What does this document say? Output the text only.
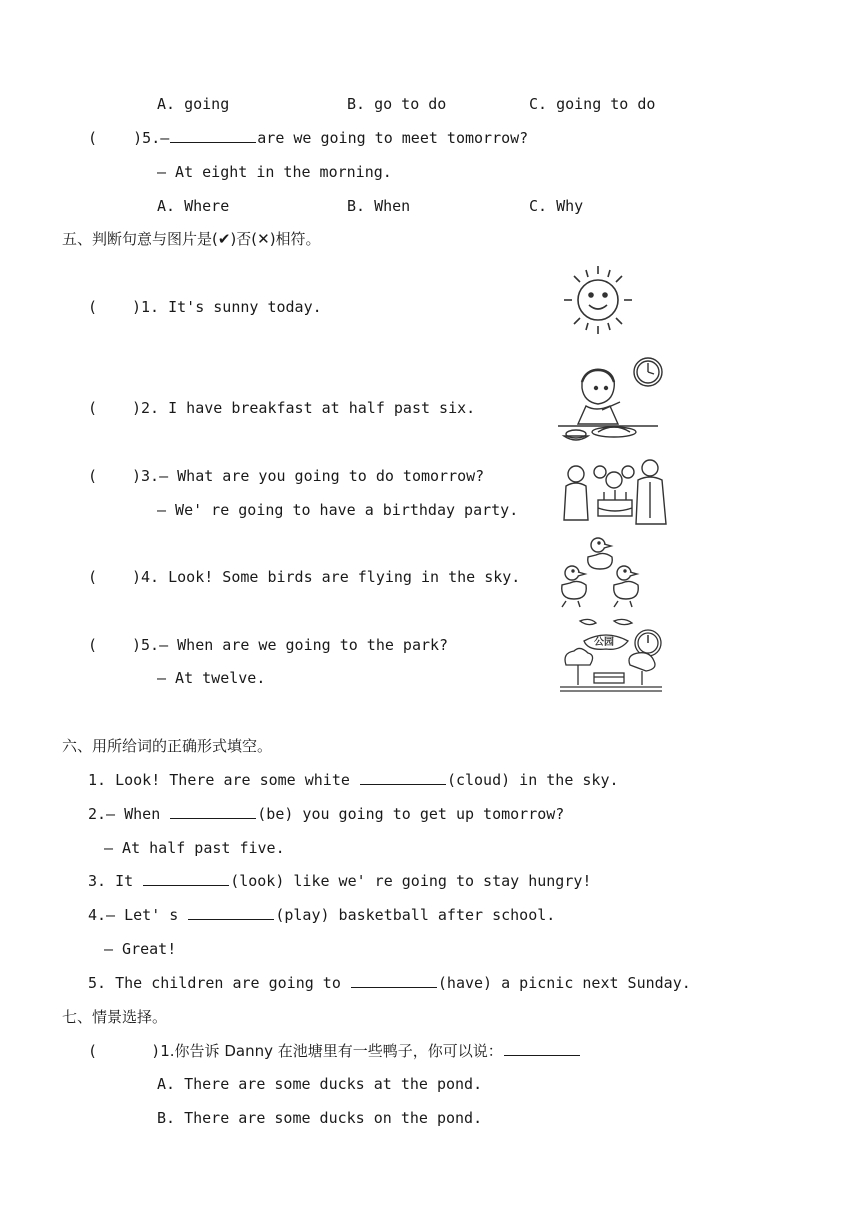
A. going	B. go to do	C. going to do
(    )5.—	are we going to meet tomorrow?
— At eight in the morning.
A. Where	B. When	C. Why
五、判断句意与图片是(✔)否(✕)相符。
( )1. It's sunny today.
( )2. I have breakfast at half past six.
( )3.— What are you going to do tomorrow?
— We' re going to have a birthday party.
( )4. Look! Some birds are flying in the sky.
( )5.— When are we going to the park?
— At twelve.
公园
六、用所给词的正确形式填空。
1. Look! There are some white	(cloud) in the sky.
2.— When	(be) you going to get up tomorrow?
— At half past five.
3. It	(look) like we' re going to stay hungry!
4.— Let' s	(play) basketball after school.
— Great!
5. The children are going to	(have) a picnic next Sunday.
七、情景选择。
(      )1.你告诉 Danny 在池塘里有一些鸭子，你可以说：
A. There are some ducks at the pond.
B. There are some ducks on the pond.
